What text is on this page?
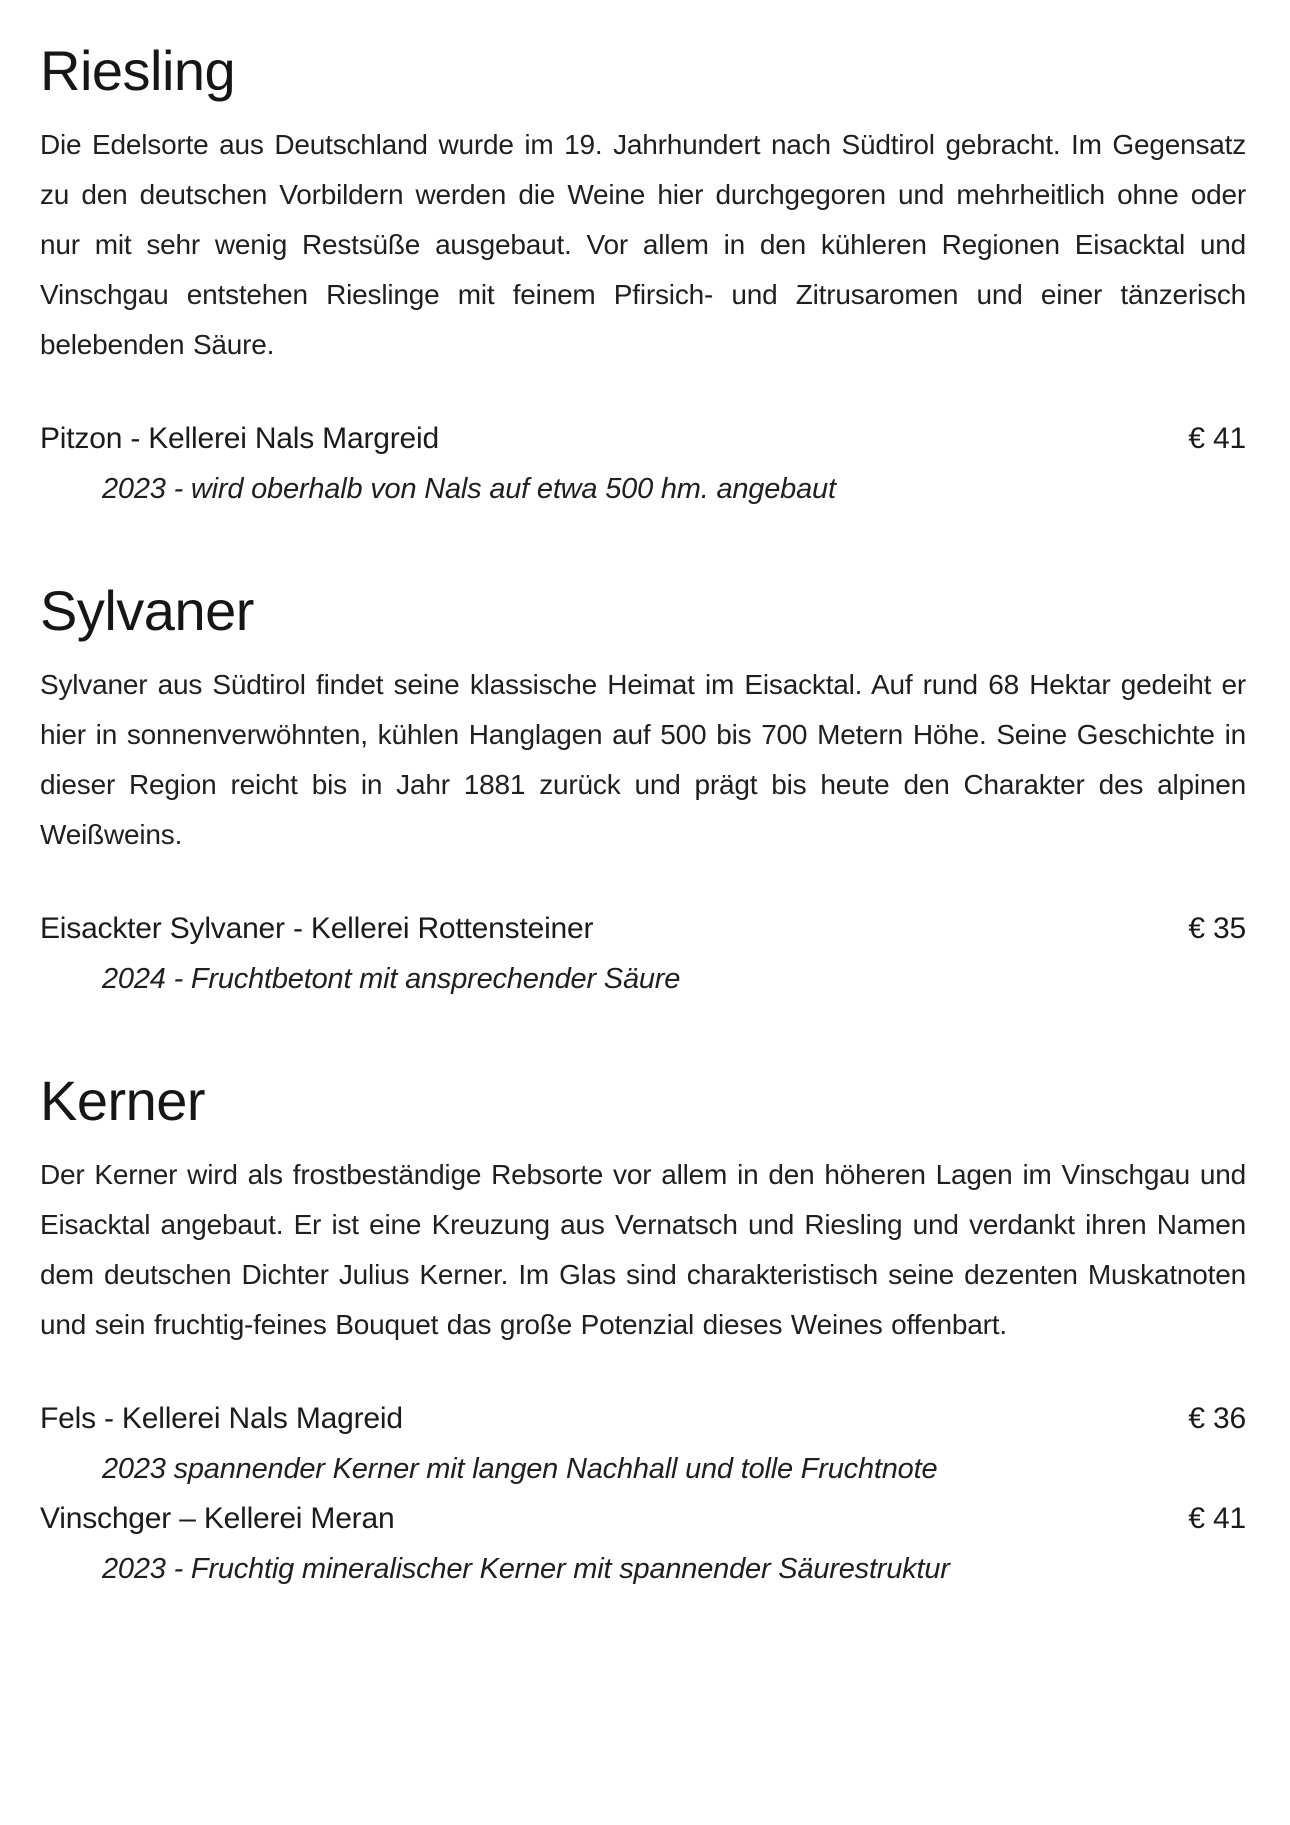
Riesling

Die Edelsorte aus Deutschland wurde im 19. Jahrhundert nach Südtirol gebracht. Im Gegensatz zu den deutschen Vorbildern werden die Weine hier durchgegoren und mehrheitlich ohne oder nur mit sehr wenig Restsüße ausgebaut. Vor allem in den kühleren Regionen Eisacktal und Vinschgau entstehen Rieslinge mit feinem Pfirsich- und Zitrusaromen und einer tänzerisch belebenden Säure.

Pitzon - Kellerei Nals Margreid	€ 41
2023 - wird oberhalb von Nals auf etwa 500 hm. angebaut
Sylvaner

Sylvaner aus Südtirol findet seine klassische Heimat im Eisacktal. Auf rund 68 Hektar gedeiht er hier in sonnenverwöhnten, kühlen Hanglagen auf 500 bis 700 Metern Höhe. Seine Geschichte in dieser Region reicht bis in Jahr 1881 zurück und prägt bis heute den Charakter des alpinen Weißweins.

Eisackter Sylvaner - Kellerei Rottensteiner	€ 35
2024 - Fruchtbetont mit ansprechender Säure
Kerner

Der Kerner wird als frostbeständige Rebsorte vor allem in den höheren Lagen im Vinschgau und Eisacktal angebaut. Er ist eine Kreuzung aus Vernatsch und Riesling und verdankt ihren Namen dem deutschen Dichter Julius Kerner. Im Glas sind charakteristisch seine dezenten Muskatnoten und sein fruchtig-feines Bouquet das große Potenzial dieses Weines offenbart.

Fels - Kellerei Nals Magreid	€ 36
2023 spannender Kerner mit langen Nachhall und tolle Fruchtnote
Vinschger – Kellerei Meran	€ 41
2023 - Fruchtig mineralischer Kerner mit spannender Säurestruktur
